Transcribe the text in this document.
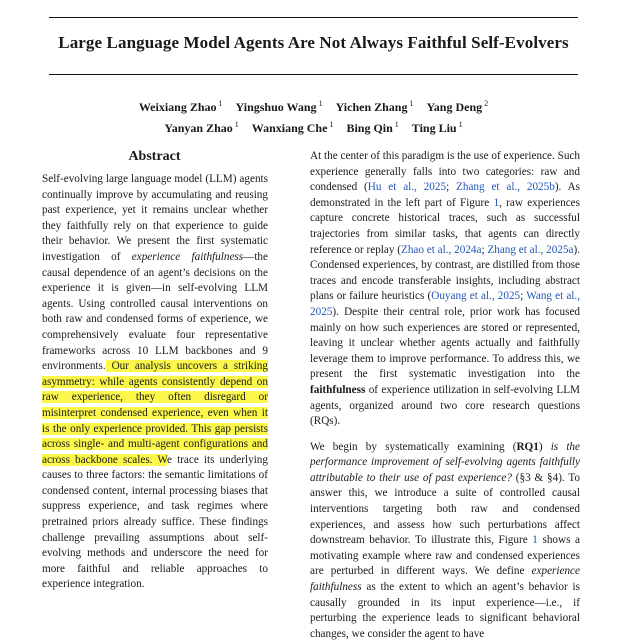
Large Language Model Agents Are Not Always Faithful Self-Evolvers
Weixiang Zhao $^1$ Yingshuo Wang $^1$ Yichen Zhang $^1$ Yang Deng $^2$
Yanyan Zhao $^1$ Wanxiang Che $^1$ Bing Qin $^1$ Ting Liu $^1$
Abstract

Self-evolving large language model (LLM) agents continually improve by accumulating and reusing past experience, yet it remains unclear whether they faithfully rely on that experience to guide their behavior. We present the first systematic investigation of experience faithfulness—the causal dependence of an agent’s decisions on the experience it is given—in self-evolving LLM agents. Using controlled causal interventions on both raw and condensed forms of experience, we comprehensively evaluate four representative frameworks across 10 LLM backbones and 9 environments. Our analysis uncovers a striking asymmetry: while agents consistently depend on raw experience, they often disregard or misinterpret condensed experience, even when it is the only experience provided. This gap persists across single- and multi-agent configurations and across backbone scales. We trace its underlying causes to three factors: the semantic limitations of condensed content, internal processing biases that suppress experience, and task regimes where pretrained priors already suffice. These findings challenge prevailing assumptions about self-evolving methods and underscore the need for more faithful and reliable approaches to experience integration.

At the center of this paradigm is the use of experience. Such experience generally falls into two categories: raw and condensed (Hu et al., 2025; Zhang et al., 2025b). As demonstrated in the left part of Figure 1, raw experiences capture concrete historical traces, such as successful trajectories from similar tasks, that agents can directly reference or replay (Zhao et al., 2024a; Zhang et al., 2025a). Condensed experiences, by contrast, are distilled from those traces and encode transferable insights, including abstract plans or failure heuristics (Ouyang et al., 2025; Wang et al., 2025). Despite their central role, prior work has focused mainly on how such experiences are stored or represented, leaving it unclear whether agents actually and faithfully leverage them to improve performance. To address this, we present the first systematic investigation into the faithfulness of experience utilization in self-evolving LLM agents, organized around two core research questions (RQs).

We begin by systematically examining (RQ1) is the performance improvement of self-evolving agents faithfully attributable to their use of past experience? (§3 & §4). To answer this, we introduce a suite of controlled causal interventions targeting both raw and condensed experiences, and assess how such perturbations affect downstream behavior. To illustrate this, Figure 1 shows a motivating example where raw and condensed experiences are perturbed in different ways. We define experience faithfulness as the extent to which an agent’s behavior is causally grounded in its input experience—i.e., if perturbing the experience leads to significant behavioral changes, we consider the agent to have
